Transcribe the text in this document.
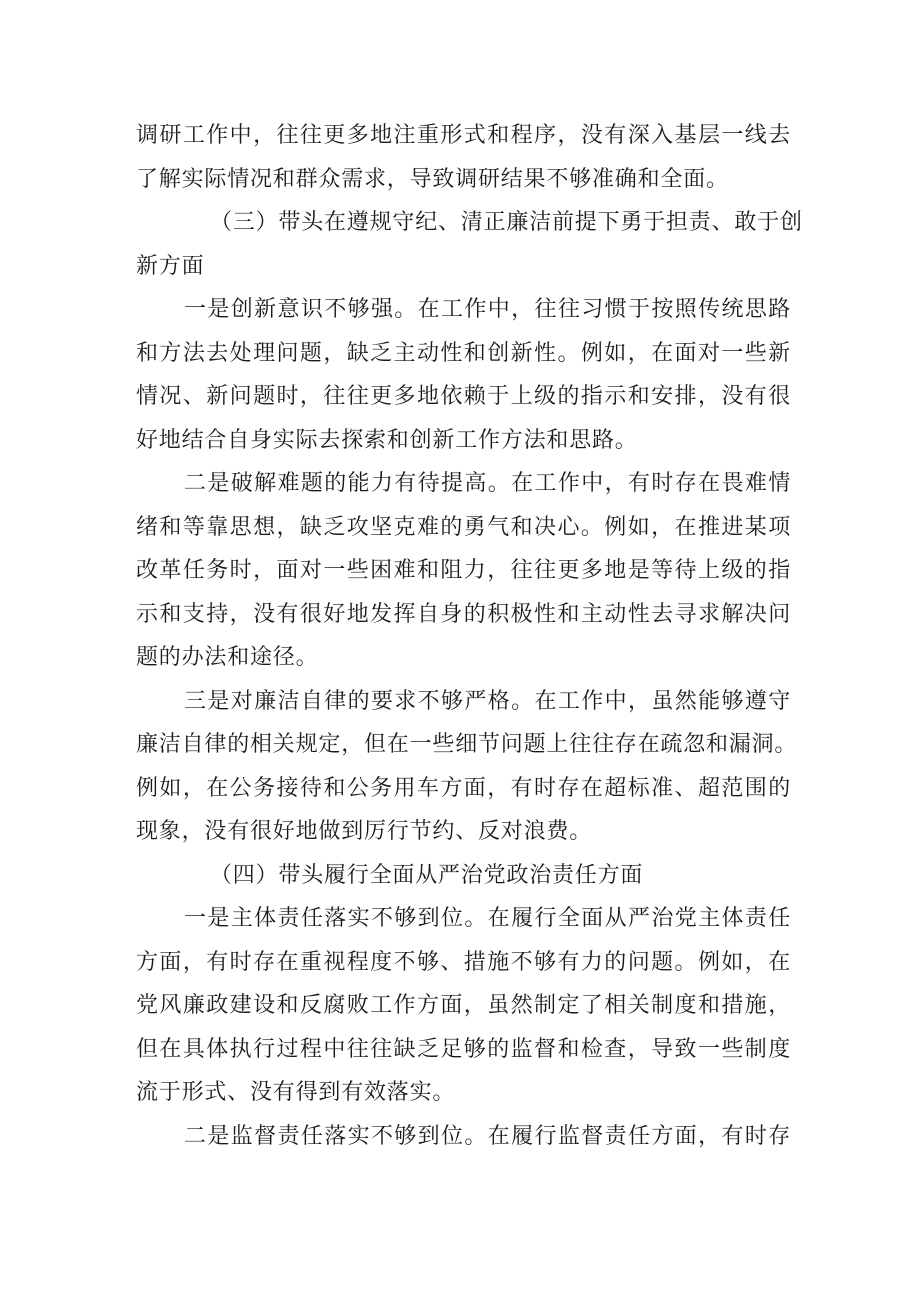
调研工作中，往往更多地注重形式和程序，没有深入基层一线去
了解实际情况和群众需求，导致调研结果不够准确和全面。
（三）带头在遵规守纪、清正廉洁前提下勇于担责、敢于创
新方面
一是创新意识不够强。在工作中，往往习惯于按照传统思路
和方法去处理问题，缺乏主动性和创新性。例如，在面对一些新
情况、新问题时，往往更多地依赖于上级的指示和安排，没有很
好地结合自身实际去探索和创新工作方法和思路。
二是破解难题的能力有待提高。在工作中，有时存在畏难情
绪和等靠思想，缺乏攻坚克难的勇气和决心。例如，在推进某项
改革任务时，面对一些困难和阻力，往往更多地是等待上级的指
示和支持，没有很好地发挥自身的积极性和主动性去寻求解决问
题的办法和途径。
三是对廉洁自律的要求不够严格。在工作中，虽然能够遵守
廉洁自律的相关规定，但在一些细节问题上往往存在疏忽和漏洞。
例如，在公务接待和公务用车方面，有时存在超标准、超范围的
现象，没有很好地做到厉行节约、反对浪费。
（四）带头履行全面从严治党政治责任方面
一是主体责任落实不够到位。在履行全面从严治党主体责任
方面，有时存在重视程度不够、措施不够有力的问题。例如，在
党风廉政建设和反腐败工作方面，虽然制定了相关制度和措施，
但在具体执行过程中往往缺乏足够的监督和检查，导致一些制度
流于形式、没有得到有效落实。
二是监督责任落实不够到位。在履行监督责任方面，有时存
